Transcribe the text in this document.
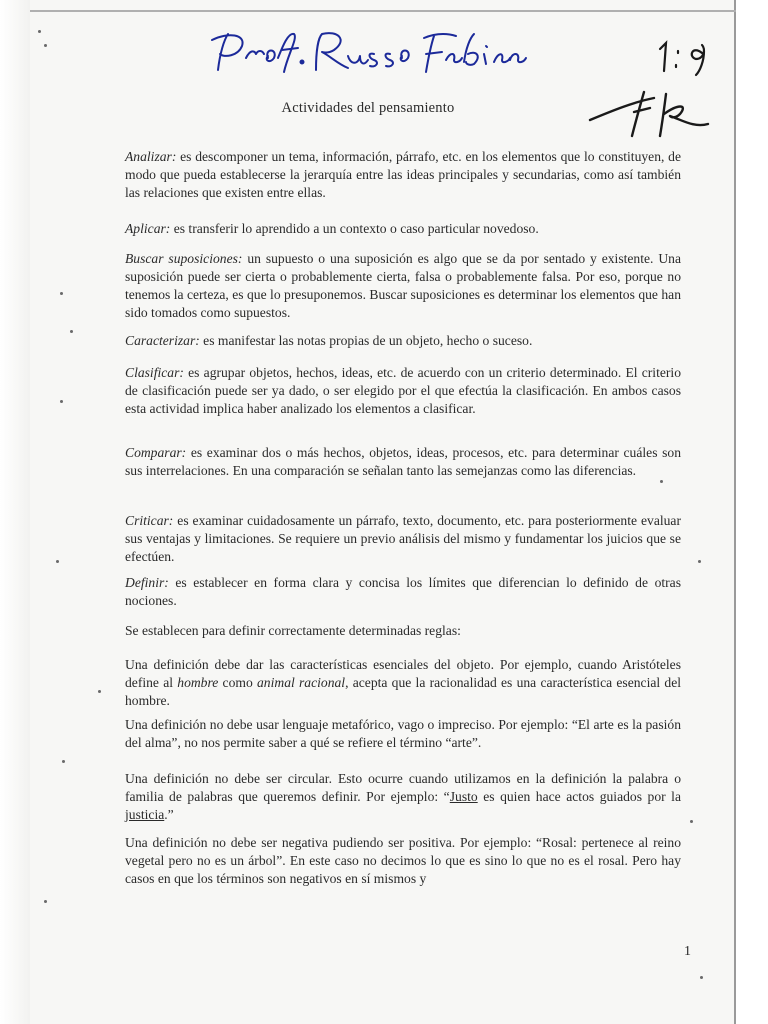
Actividades del pensamiento
Analizar: es descomponer un tema, información, párrafo, etc. en los elementos que lo constituyen, de modo que pueda establecerse la jerarquía entre las ideas principales y secundarias, como así también las relaciones que existen entre ellas.
Aplicar: es transferir lo aprendido a un contexto o caso particular novedoso.
Buscar suposiciones: un supuesto o una suposición es algo que se da por sentado y existente. Una suposición puede ser cierta o probablemente cierta, falsa o probablemente falsa. Por eso, porque no tenemos la certeza, es que lo presuponemos. Buscar suposiciones es determinar los elementos que han sido tomados como supuestos.
Caracterizar: es manifestar las notas propias de un objeto, hecho o suceso.
Clasificar: es agrupar objetos, hechos, ideas, etc. de acuerdo con un criterio determinado. El criterio de clasificación puede ser ya dado, o ser elegido por el que efectúa la clasificación. En ambos casos esta actividad implica haber analizado los elementos a clasificar.
Comparar: es examinar dos o más hechos, objetos, ideas, procesos, etc. para determinar cuáles son sus interrelaciones. En una comparación se señalan tanto las semejanzas como las diferencias.
Criticar: es examinar cuidadosamente un párrafo, texto, documento, etc. para posteriormente evaluar sus ventajas y limitaciones. Se requiere un previo análisis del mismo y fundamentar los juicios que se efectúen.
Definir: es establecer en forma clara y concisa los límites que diferencian lo definido de otras nociones.
Se establecen para definir correctamente determinadas reglas:
Una definición debe dar las características esenciales del objeto. Por ejemplo, cuando Aristóteles define al hombre como animal racional, acepta que la racionalidad es una característica esencial del hombre.
Una definición no debe usar lenguaje metafórico, vago o impreciso. Por ejemplo: “El arte es la pasión del alma”, no nos permite saber a qué se refiere el término “arte”.
Una definición no debe ser circular. Esto ocurre cuando utilizamos en la definición la palabra o familia de palabras que queremos definir. Por ejemplo: “Justo es quien hace actos guiados por la justicia.”
Una definición no debe ser negativa pudiendo ser positiva. Por ejemplo: “Rosal: pertenece al reino vegetal pero no es un árbol”. En este caso no decimos lo que es sino lo que no es el rosal. Pero hay casos en que los términos son negativos en sí mismos y
1
